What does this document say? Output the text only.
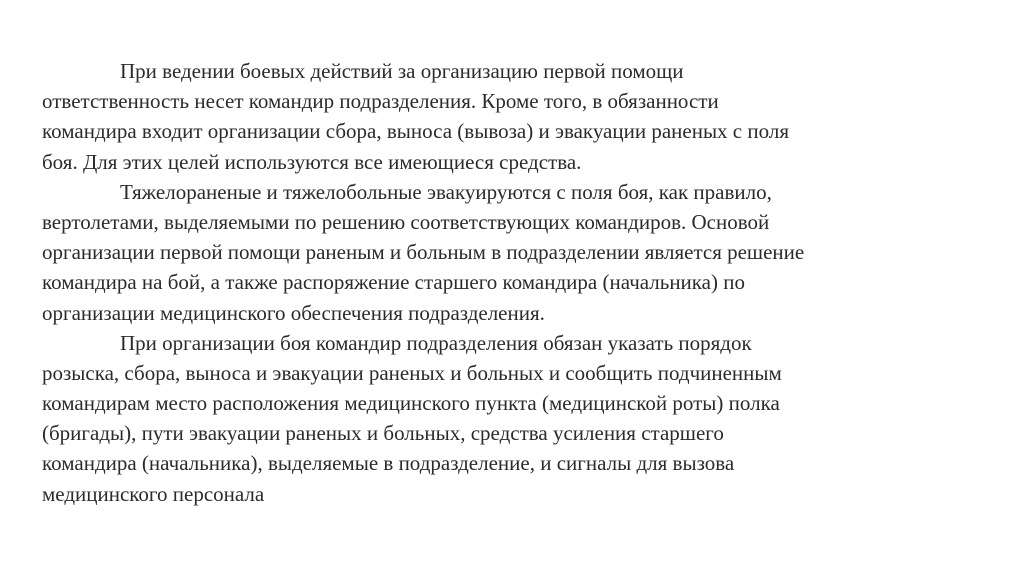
При ведении боевых действий за организацию первой помощи
ответственность несет командир подразделения. Кроме того, в обязанности
командира входит организации сбора, выноса (вывоза) и эвакуации раненых с поля
боя. Для этих целей используются все имеющиеся средства.
Тяжелораненые и тяжелобольные эвакуируются с поля боя, как правило,
вертолетами, выделяемыми по решению соответствующих командиров. Основой
организации первой помощи раненым и больным в подразделении является решение
командира на бой, а также распоряжение старшего командира (начальника) по
организации медицинского обеспечения подразделения.
При организации боя командир подразделения обязан указать порядок
розыска, сбора, выноса и эвакуации раненых и больных и сообщить подчиненным
командирам место расположения медицинского пункта (медицинской роты) полка
(бригады), пути эвакуации раненых и больных, средства усиления старшего
командира (начальника), выделяемые в подразделение, и сигналы для вызова
медицинского персонала
